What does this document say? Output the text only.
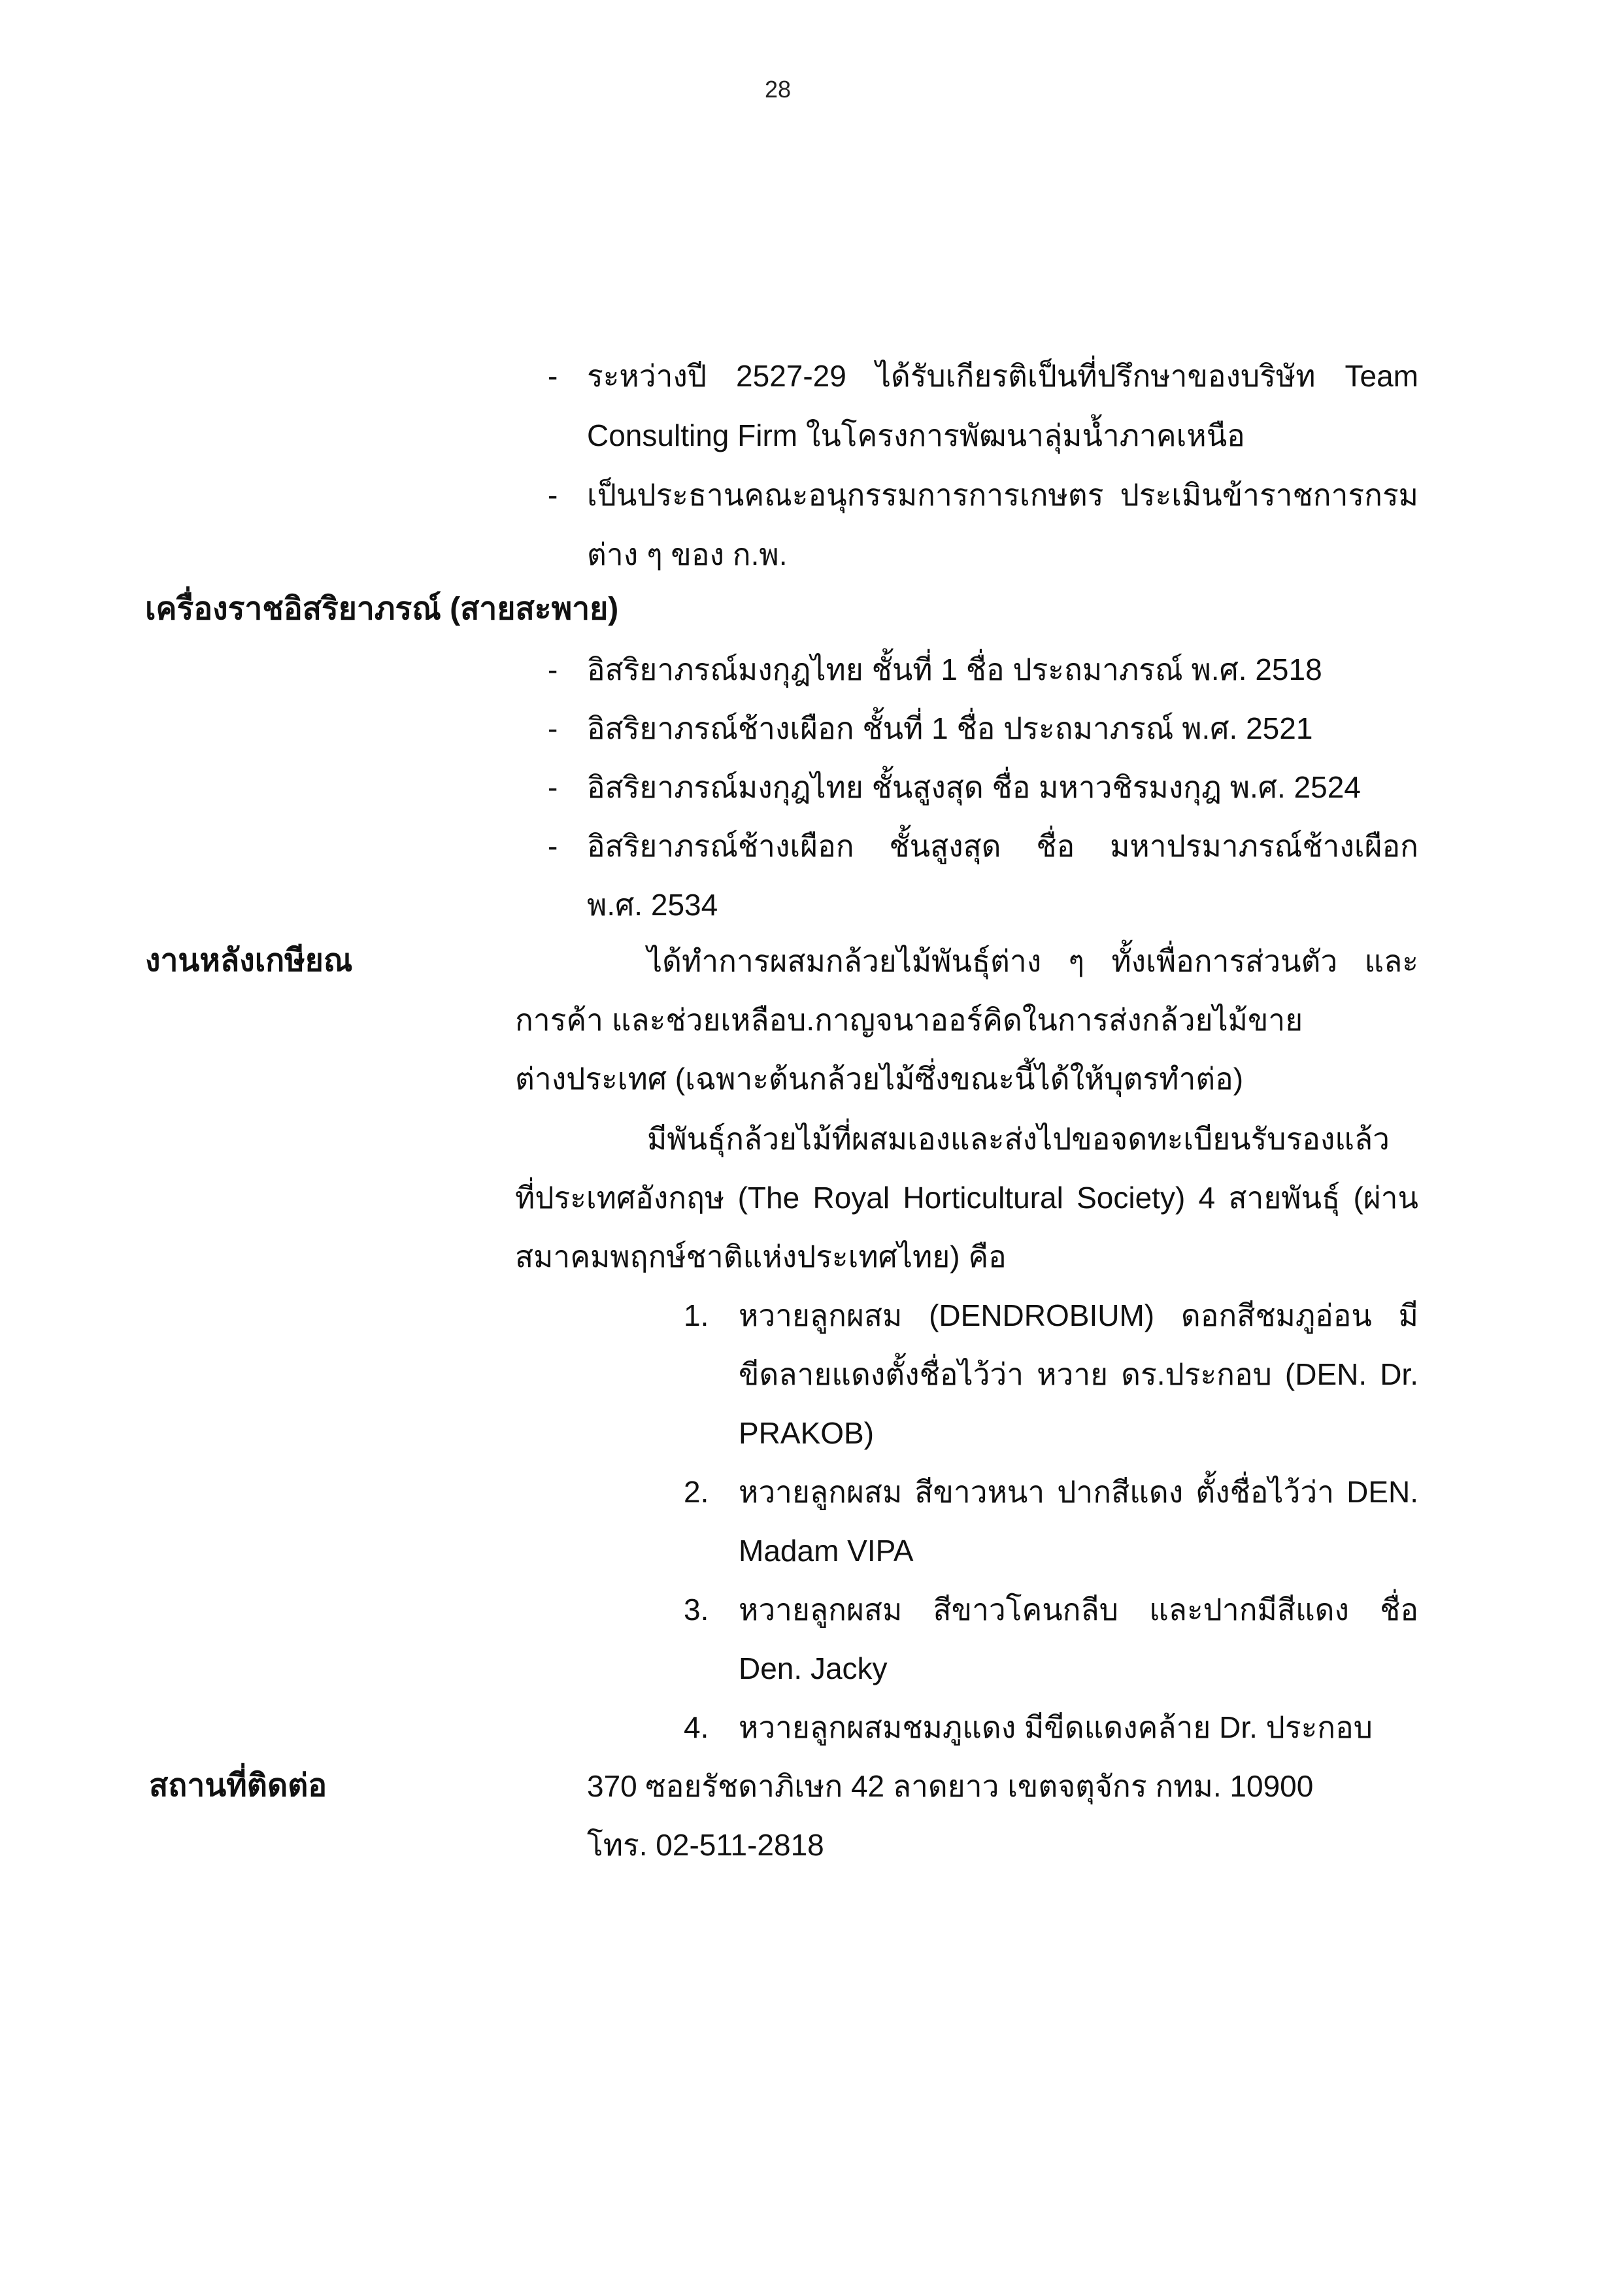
28
- ระหว่างปี 2527-29 ได้รับเกียรติเป็นที่ปรึกษาของบริษัท Team
Consulting Firm ในโครงการพัฒนาลุ่มน้ำภาคเหนือ
- เป็นประธานคณะอนุกรรมการการเกษตร ประเมินข้าราชการกรม
ต่าง ๆ ของ ก.พ.
เครื่องราชอิสริยาภรณ์ (สายสะพาย)
- อิสริยาภรณ์มงกุฎไทย ชั้นที่ 1 ชื่อ ประถมาภรณ์ พ.ศ. 2518
- อิสริยาภรณ์ช้างเผือก ชั้นที่ 1 ชื่อ ประถมาภรณ์ พ.ศ. 2521
- อิสริยาภรณ์มงกุฎไทย ชั้นสูงสุด ชื่อ มหาวชิรมงกุฎ พ.ศ. 2524
- อิสริยาภรณ์ช้างเผือก ชั้นสูงสุด ชื่อ มหาปรมาภรณ์ช้างเผือก
พ.ศ. 2534
งานหลังเกษียณ	ได้ทำการผสมกล้วยไม้พันธุ์ต่าง ๆ ทั้งเพื่อการส่วนตัว และ
การค้า และช่วยเหลือบ.กาญจนาออร์คิดในการส่งกล้วยไม้ขาย
ต่างประเทศ (เฉพาะต้นกล้วยไม้ซึ่งขณะนี้ได้ให้บุตรทำต่อ)
มีพันธุ์กล้วยไม้ที่ผสมเองและส่งไปขอจดทะเบียนรับรองแล้ว
ที่ประเทศอังกฤษ (The Royal Horticultural Society) 4 สายพันธุ์ (ผ่าน
สมาคมพฤกษ์ชาติแห่งประเทศไทย) คือ
1. หวายลูกผสม (DENDROBIUM) ดอกสีชมภูอ่อน มี
ขีดลายแดงตั้งชื่อไว้ว่า หวาย ดร.ประกอบ (DEN. Dr.
PRAKOB)
2. หวายลูกผสม สีขาวหนา ปากสีแดง ตั้งชื่อไว้ว่า DEN.
Madam VIPA
3. หวายลูกผสม สีขาวโคนกลีบ และปากมีสีแดง ชื่อ
Den. Jacky
4. หวายลูกผสมชมภูแดง มีขีดแดงคล้าย Dr. ประกอบ
สถานที่ติดต่อ	370 ซอยรัชดาภิเษก 42 ลาดยาว เขตจตุจักร กทม. 10900
โทร. 02-511-2818
